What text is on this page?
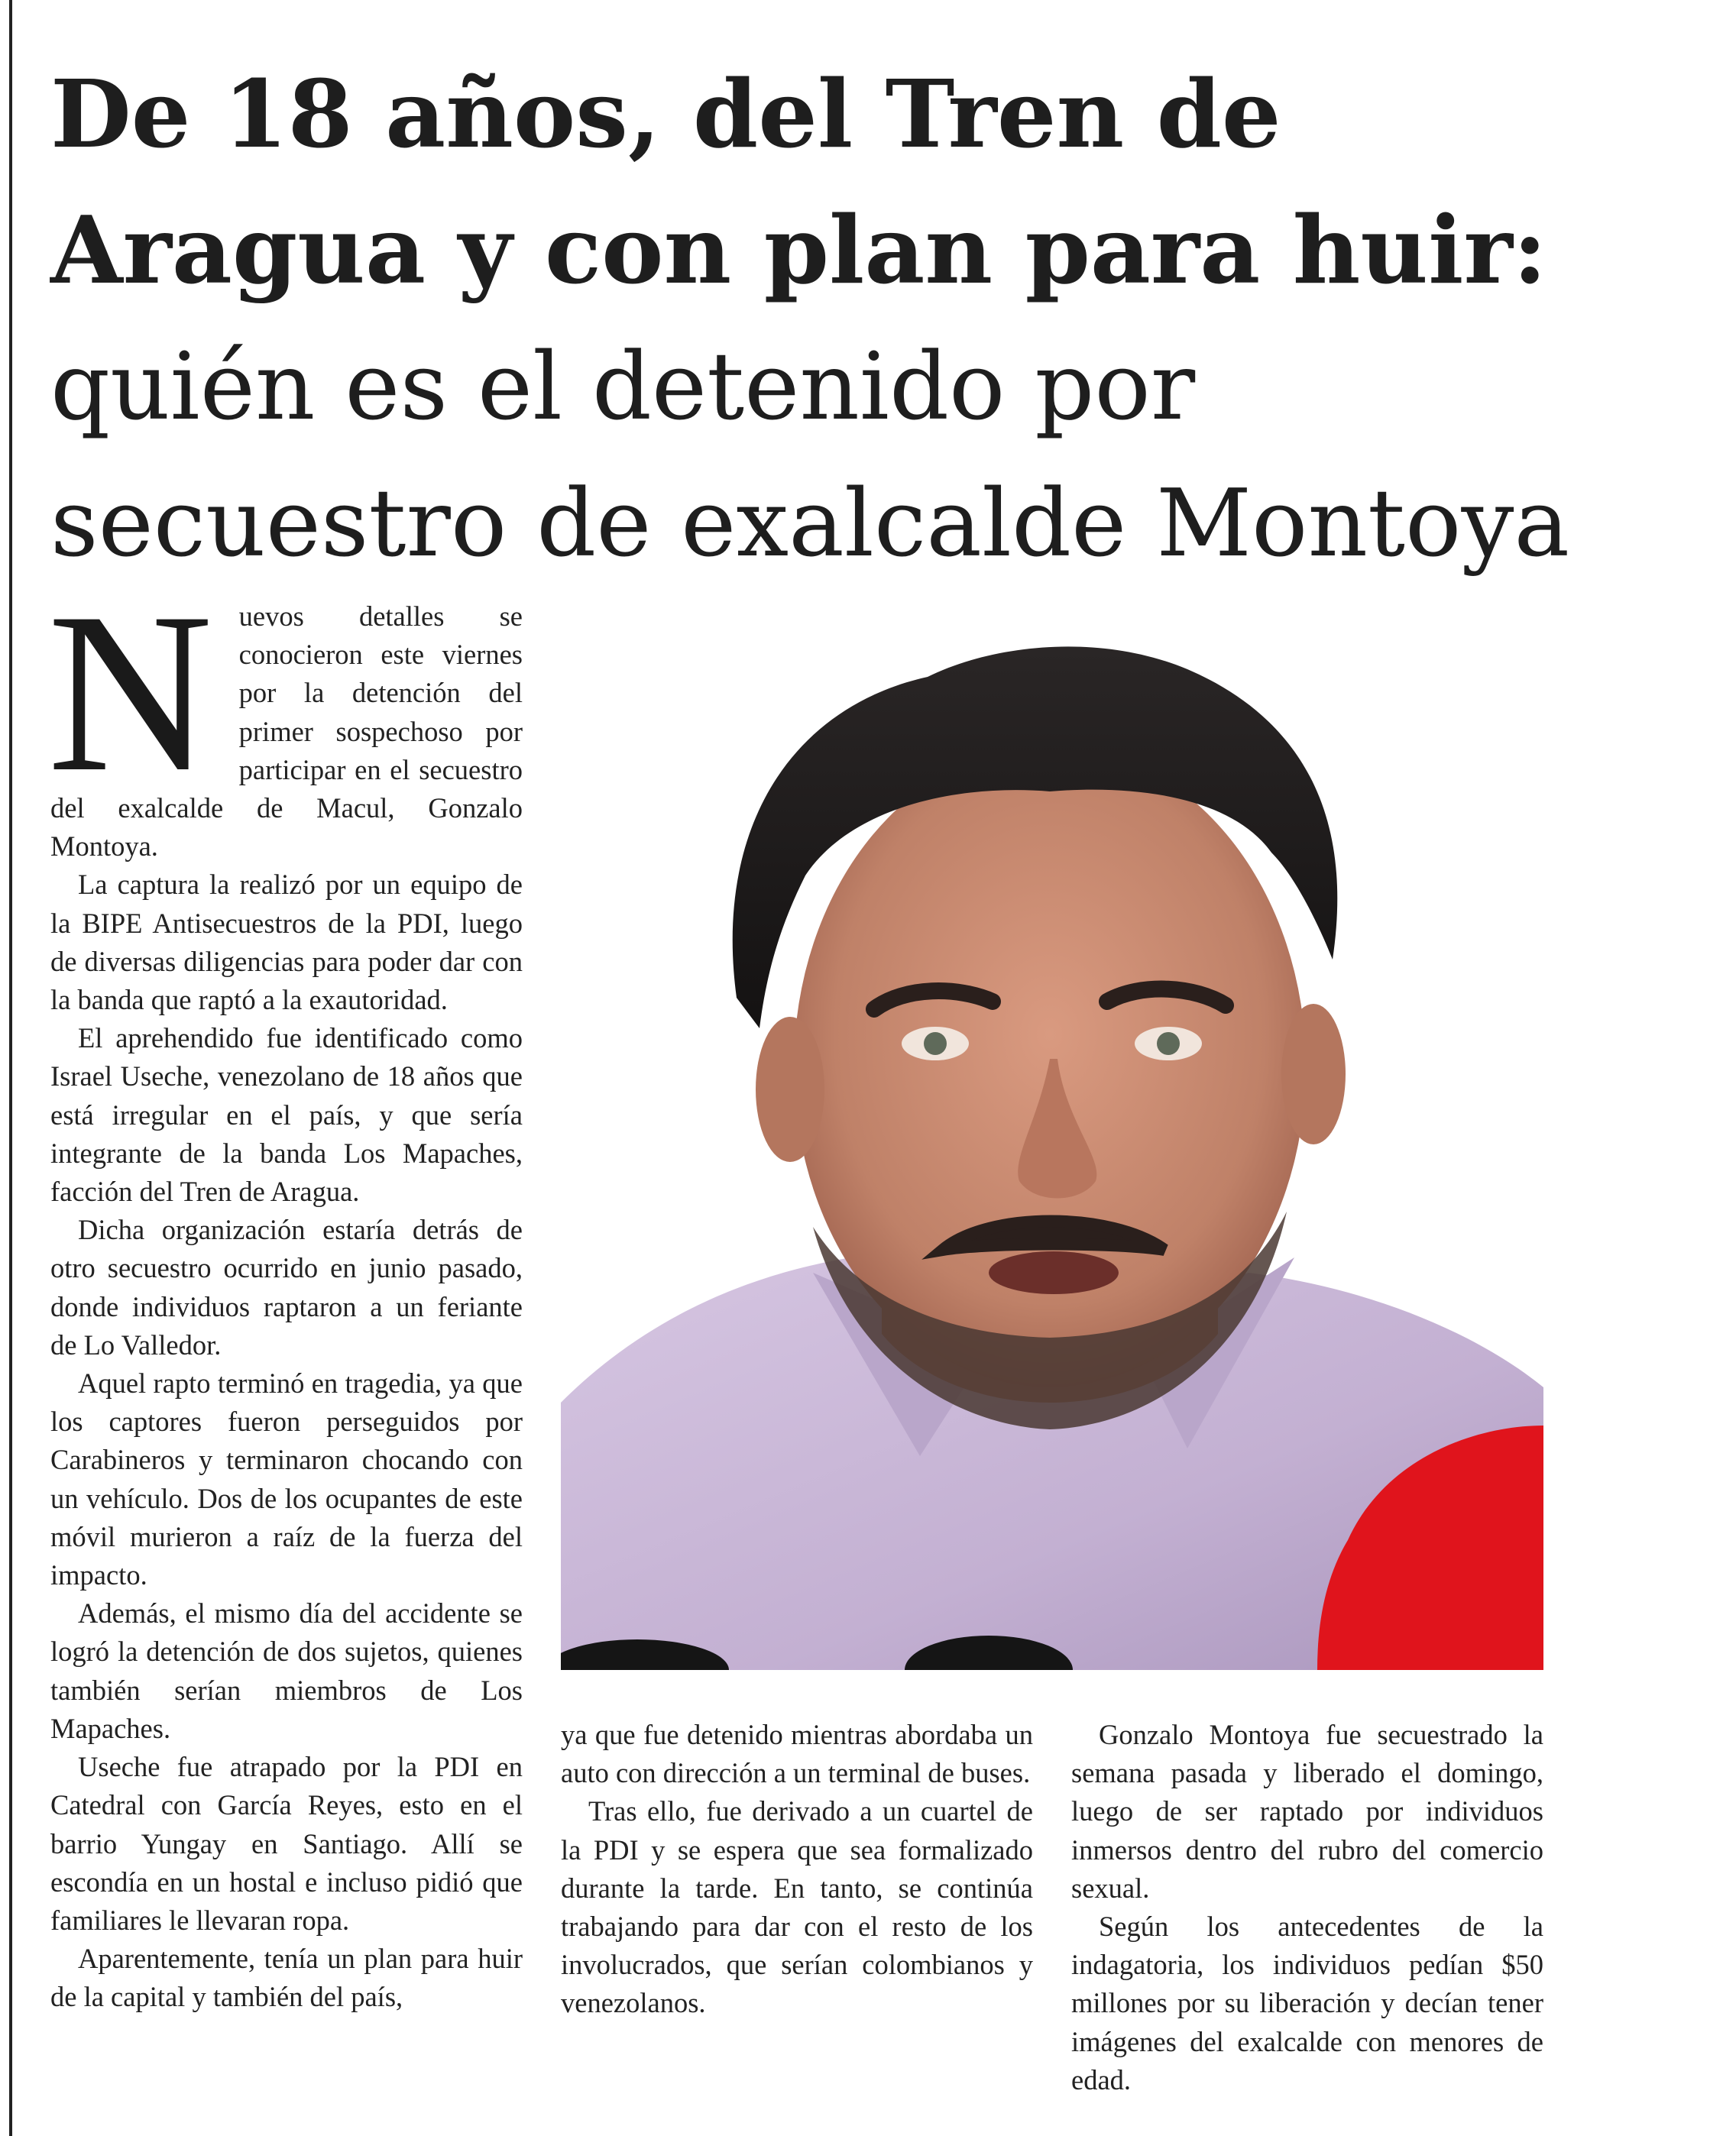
De 18 años, del Tren de Aragua y con plan para huir: quién es el detenido por secuestro de exalcalde Montoya
N uevos detalles se conocieron este viernes por la detención del primer sospechoso por participar en el secuestro del exalcalde de Macul, Gonzalo Montoya.

La captura la realizó por un equipo de la BIPE Antisecuestros de la PDI, luego de diversas diligencias para poder dar con la banda que raptó a la exautoridad.

El aprehendido fue identificado como Israel Useche, venezolano de 18 años que está irregular en el país, y que sería integrante de la banda Los Mapaches, facción del Tren de Aragua.

Dicha organización estaría detrás de otro secuestro ocurrido en junio pasado, donde individuos raptaron a un feriante de Lo Valledor.

Aquel rapto terminó en tragedia, ya que los captores fueron perseguidos por Carabineros y terminaron chocando con un vehículo. Dos de los ocupantes de este móvil murieron a raíz de la fuerza del impacto.

Además, el mismo día del accidente se logró la detención de dos sujetos, quienes también serían miembros de Los Mapaches.

Useche fue atrapado por la PDI en Catedral con García Reyes, esto en el barrio Yungay en Santiago. Allí se escondía en un hostal e incluso pidió que familiares le llevaran ropa.

Aparentemente, tenía un plan para huir de la capital y también del país,

ya que fue detenido mientras abordaba un auto con dirección a un terminal de buses.

Tras ello, fue derivado a un cuartel de la PDI y se espera que sea formalizado durante la tarde. En tanto, se continúa trabajando para dar con el resto de los involucrados, que serían colombianos y venezolanos.

Gonzalo Montoya fue secuestrado la semana pasada y liberado el domingo, luego de ser raptado por individuos inmersos dentro del rubro del comercio sexual.

Según los antecedentes de la indagatoria, los individuos pedían $50 millones por su liberación y decían tener imágenes del exalcalde con menores de edad.
